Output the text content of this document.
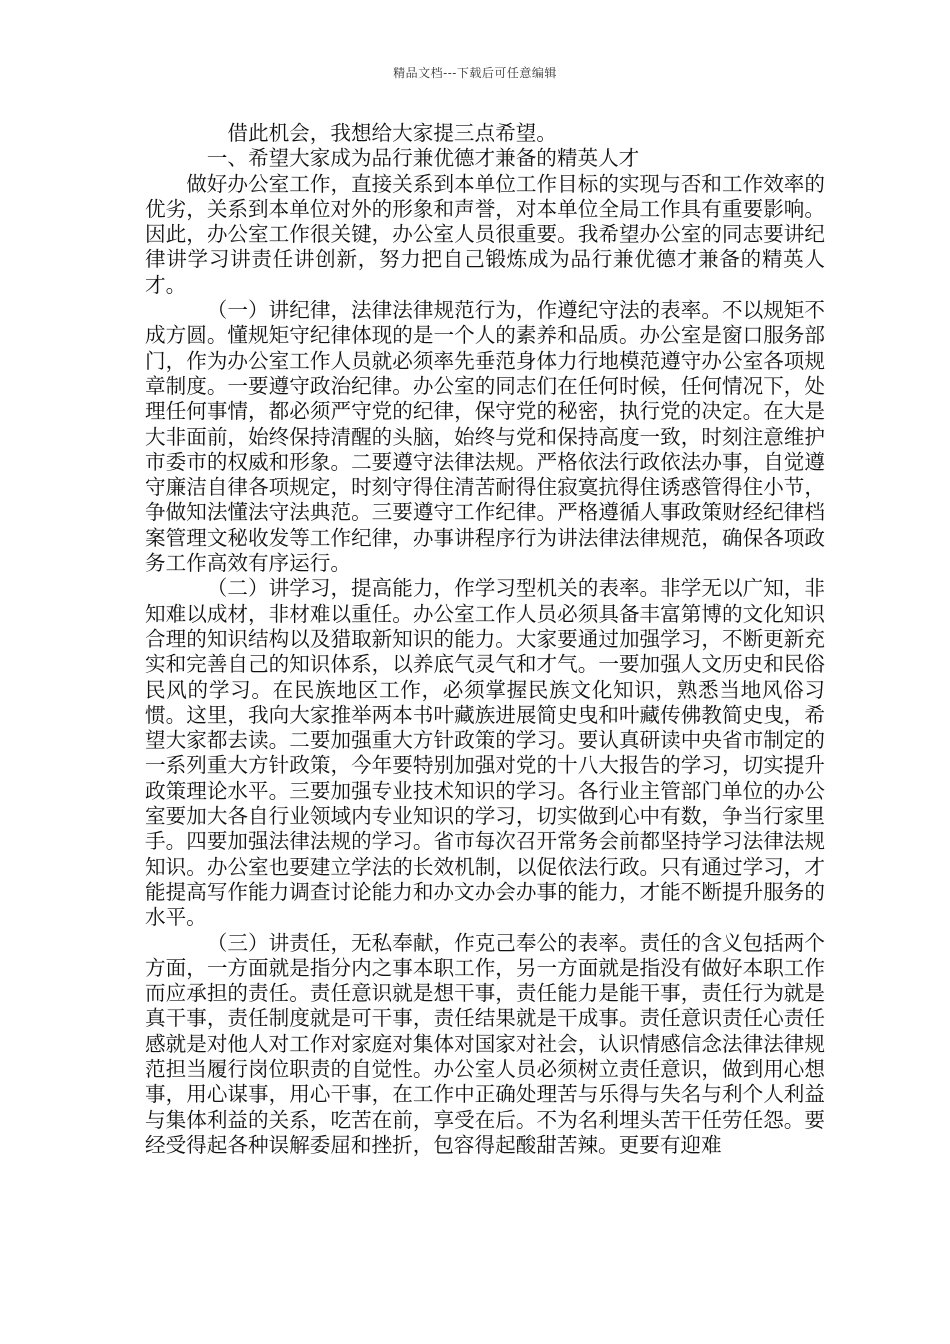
精品文档---下载后可任意编辑

借此机会，我想给大家提三点希望。

一、希望大家成为品行兼优德才兼备的精英人才

做好办公室工作，直接关系到本单位工作目标的实现与否和工作效率的优劣，关系到本单位对外的形象和声誉，对本单位全局工作具有重要影响。因此，办公室工作很关键，办公室人员很重要。我希望办公室的同志要讲纪律讲学习讲责任讲创新，努力把自己锻炼成为品行兼优德才兼备的精英人才。

（一）讲纪律，法律法律规范行为，作遵纪守法的表率。不以规矩不成方圆。懂规矩守纪律体现的是一个人的素养和品质。办公室是窗口服务部门，作为办公室工作人员就必须率先垂范身体力行地模范遵守办公室各项规章制度。一要遵守政治纪律。办公室的同志们在任何时候，任何情况下，处理任何事情，都必须严守党的纪律，保守党的秘密，执行党的决定。在大是大非面前，始终保持清醒的头脑，始终与党和保持高度一致，时刻注意维护市委市的权威和形象。二要遵守法律法规。严格依法行政依法办事，自觉遵守廉洁自律各项规定，时刻守得住清苦耐得住寂寞抗得住诱惑管得住小节，争做知法懂法守法典范。三要遵守工作纪律。严格遵循人事政策财经纪律档案管理文秘收发等工作纪律，办事讲程序行为讲法律法律规范，确保各项政务工作高效有序运行。

（二）讲学习，提高能力，作学习型机关的表率。非学无以广知，非知难以成材，非材难以重任。办公室工作人员必须具备丰富第博的文化知识合理的知识结构以及猎取新知识的能力。大家要通过加强学习，不断更新充实和完善自己的知识体系，以养底气灵气和才气。一要加强人文历史和民俗民风的学习。在民族地区工作，必须掌握民族文化知识，熟悉当地风俗习惯。这里，我向大家推举两本书叶藏族进展简史曳和叶藏传佛教简史曳，希望大家都去读。二要加强重大方针政策的学习。要认真研读中央省市制定的一系列重大方针政策，今年要特别加强对党的十八大报告的学习，切实提升政策理论水平。三要加强专业技术知识的学习。各行业主管部门单位的办公室要加大各自行业领域内专业知识的学习，切实做到心中有数，争当行家里手。四要加强法律法规的学习。省市每次召开常务会前都坚持学习法律法规知识。办公室也要建立学法的长效机制，以促依法行政。只有通过学习，才能提高写作能力调查讨论能力和办文办会办事的能力，才能不断提升服务的水平。

（三）讲责任，无私奉献，作克己奉公的表率。责任的含义包括两个方面，一方面就是指分内之事本职工作，另一方面就是指没有做好本职工作而应承担的责任。责任意识就是想干事，责任能力是能干事，责任行为就是真干事，责任制度就是可干事，责任结果就是干成事。责任意识责任心责任感就是对他人对工作对家庭对集体对国家对社会，认识情感信念法律法律规范担当履行岗位职责的自觉性。办公室人员必须树立责任意识，做到用心想事，用心谋事，用心干事，在工作中正确处理苦与乐得与失名与利个人利益与集体利益的关系，吃苦在前，享受在后。不为名利埋头苦干任劳任怨。要经受得起各种误解委屈和挫折，包容得起酸甜苦辣。更要有迎难
